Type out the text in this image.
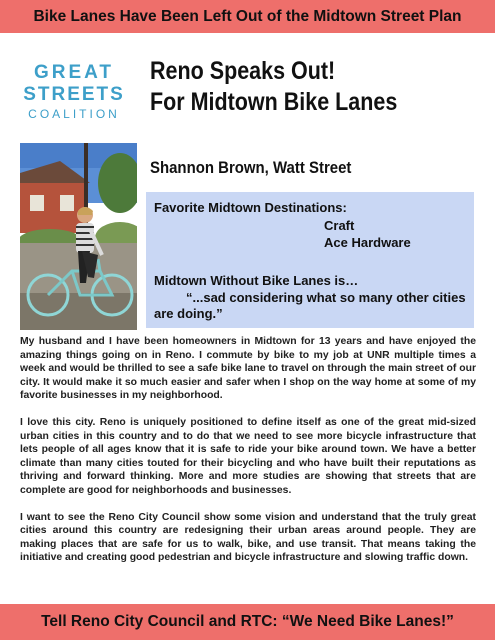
Bike Lanes Have Been Left Out of the Midtown Street Plan
GREAT
STREETS
COALITION
Reno Speaks Out!
For Midtown Bike Lanes
Shannon Brown, Watt Street
Favorite Midtown Destinations:
Craft
Ace Hardware
Midtown Without Bike Lanes is…
“...sad considering what so many other cities are doing.”

My husband and I have been homeowners in Midtown for 13 years and have enjoyed the amazing things going on in Reno. I commute by bike to my job at UNR multiple times a week and would be thrilled to see a safe bike lane to travel on through the main street of our city. It would make it so much easier and safer when I shop on the way home at some of my favorite businesses in my neighborhood.

I love this city. Reno is uniquely positioned to define itself as one of the great mid-sized urban cities in this country and to do that we need to see more bicycle infrastructure that lets people of all ages know that it is safe to ride your bike around town. We have a better climate than many cities touted for their bicycling and who have built their reputations as thriving and forward thinking. More and more studies are showing that streets that are complete are good for neighborhoods and businesses.

I want to see the Reno City Council show some vision and understand that the truly great cities around this country are redesigning their urban areas around people. They are making places that are safe for us to walk, bike, and use transit. That means taking the initiative and creating good pedestrian and bicycle infrastructure and slowing traffic down.

Tell Reno City Council and RTC: “We Need Bike Lanes!”
